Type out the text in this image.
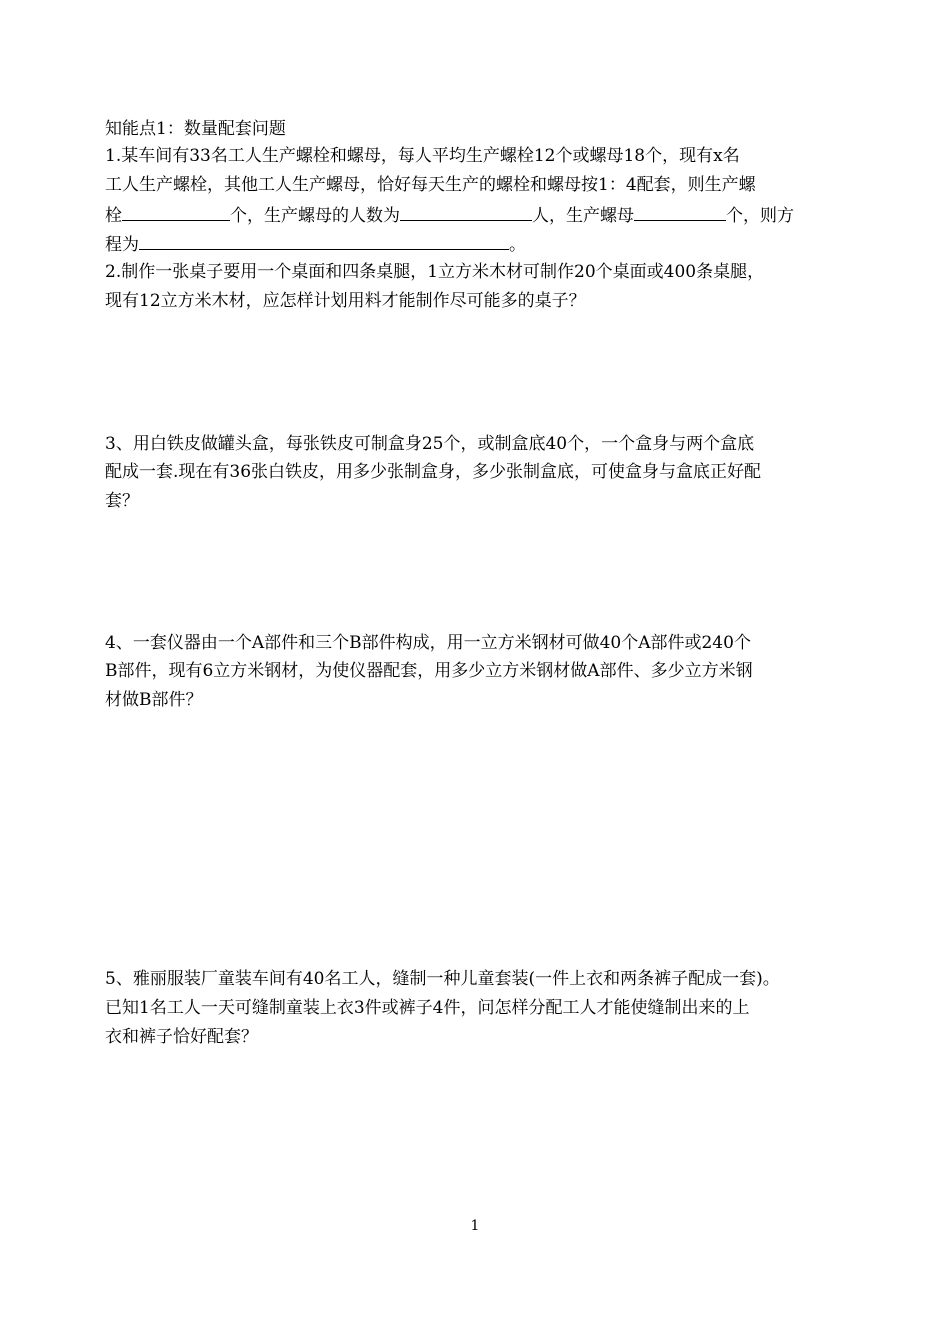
知能点1：数量配套问题
1.某车间有33名工人生产螺栓和螺母，每人平均生产螺栓12个或螺母18个，现有x名
工人生产螺栓，其他工人生产螺母，恰好每天生产的螺栓和螺母按1：4配套，则生产螺
栓	个，生产螺母的人数为	人，生产螺母	个，则方
程为	。
2.制作一张桌子要用一个桌面和四条桌腿，1立方米木材可制作20个桌面或400条桌腿，
现有12立方米木材，应怎样计划用料才能制作尽可能多的桌子？
3、用白铁皮做罐头盒，每张铁皮可制盒身25个，或制盒底40个，一个盒身与两个盒底
配成一套.现在有36张白铁皮，用多少张制盒身，多少张制盒底，可使盒身与盒底正好配
套？
4、一套仪器由一个A部件和三个B部件构成，用一立方米钢材可做40个A部件或240个
B部件，现有6立方米钢材，为使仪器配套，用多少立方米钢材做A部件、多少立方米钢
材做B部件？
5、雅丽服装厂童装车间有40名工人，缝制一种儿童套装(一件上衣和两条裤子配成一套)。
已知1名工人一天可缝制童装上衣3件或裤子4件，问怎样分配工人才能使缝制出来的上
衣和裤子恰好配套？
1
